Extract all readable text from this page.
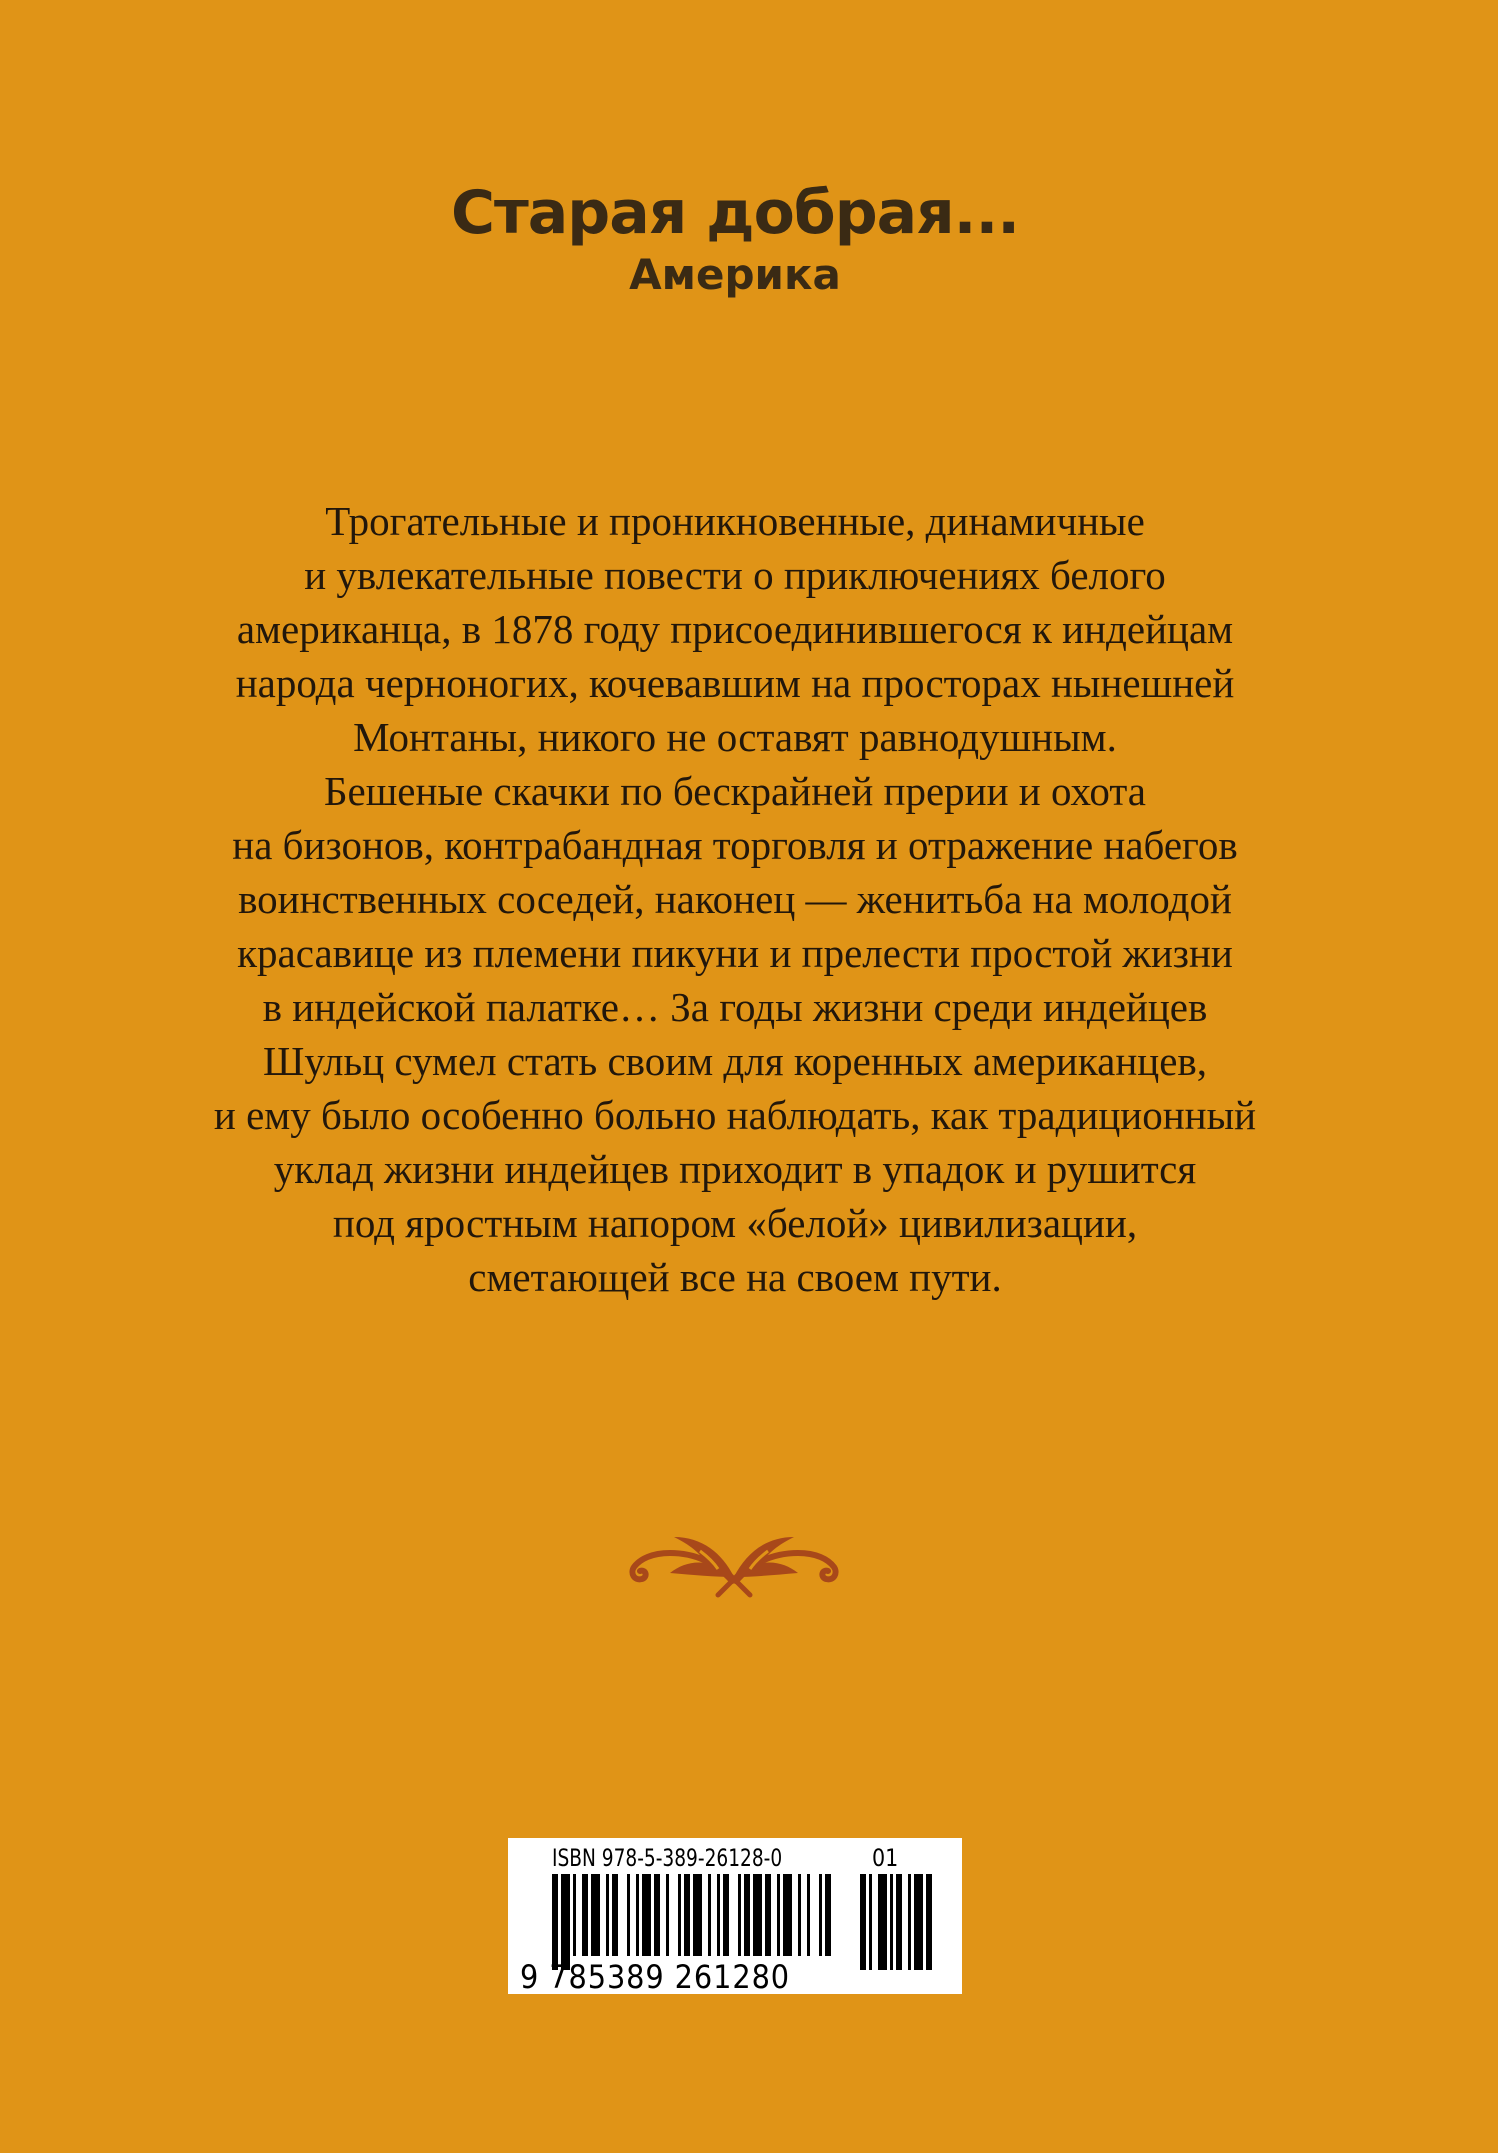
Старая добрая...
Америка
Трогательные и проникновенные, динамичные
и увлекательные повести о приключениях белого
американца, в 1878 году присоединившегося к индейцам
народа черноногих, кочевавшим на просторах нынешней
Монтаны, никого не оставят равнодушным.
Бешеные скачки по бескрайней прерии и охота
на бизонов, контрабандная торговля и отражение набегов
воинственных соседей, наконец — женитьба на молодой
красавице из племени пикуни и прелести простой жизни
в индейской палатке… За годы жизни среди индейцев
Шульц сумел стать своим для коренных американцев,
и ему было особенно больно наблюдать, как традиционный
уклад жизни индейцев приходит в упадок и рушится
под яростным напором «белой» цивилизации,
сметающей все на своем пути.
ISBN 978-5-389-26128-0	01
9 785389 261280
